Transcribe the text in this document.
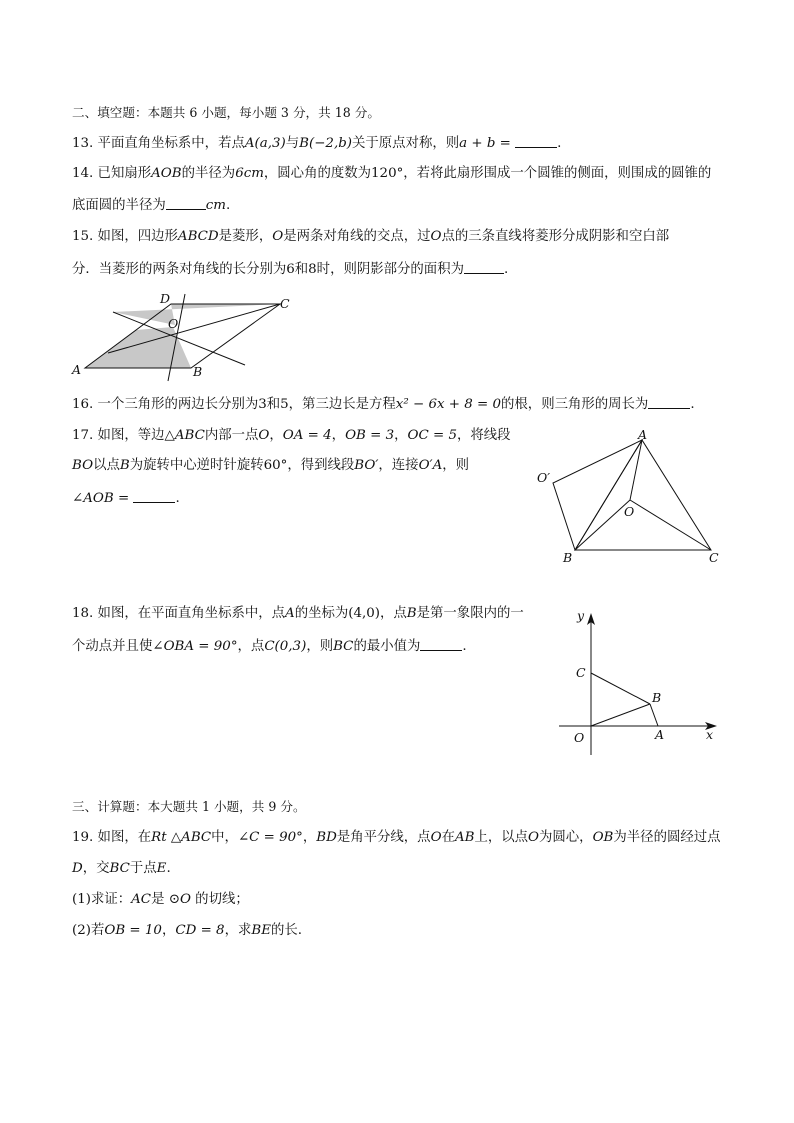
二、填空题：本题共 6 小题，每小题 3 分，共 18 分。
13. 平面直角坐标系中，若点A(a,3)与B(−2,b)关于原点对称，则a + b =	.
14. 已知扇形AOB的半径为6cm，圆心角的度数为120°，若将此扇形围成一个圆锥的侧面，则围成的圆锥的
底面圆的半径为	cm.
15. 如图，四边形ABCD是菱形，O是两条对角线的交点，过O点的三条直线将菱形分成阴影和空白部
分．当菱形的两条对角线的长分别为6和8时，则阴影部分的面积为	.
D	C
O
A	B
16. 一个三角形的两边长分别为3和5，第三边长是方程x² − 6x + 8 = 0的根，则三角形的周长为	.
17. 如图，等边△ABC内部一点O，OA = 4，OB = 3，OC = 5，将线段
BO以点B为旋转中心逆时针旋转60°，得到线段BO′，连接O′A，则
∠AOB =	.
A
O′
O
B	C
18. 如图，在平面直角坐标系中，点A的坐标为(4,0)，点B是第一象限内的一
个动点并且使∠OBA = 90°，点C(0,3)，则BC的最小值为	.
y
C
B
O	A	x
三、计算题：本大题共 1 小题，共 9 分。
19. 如图，在Rt △ABC中，∠C = 90°，BD是角平分线，点O在AB上，以点O为圆心，OB为半径的圆经过点
D，交BC于点E.
(1)求证：AC是 ⊙O 的切线；
(2)若OB = 10，CD = 8，求BE的长.
